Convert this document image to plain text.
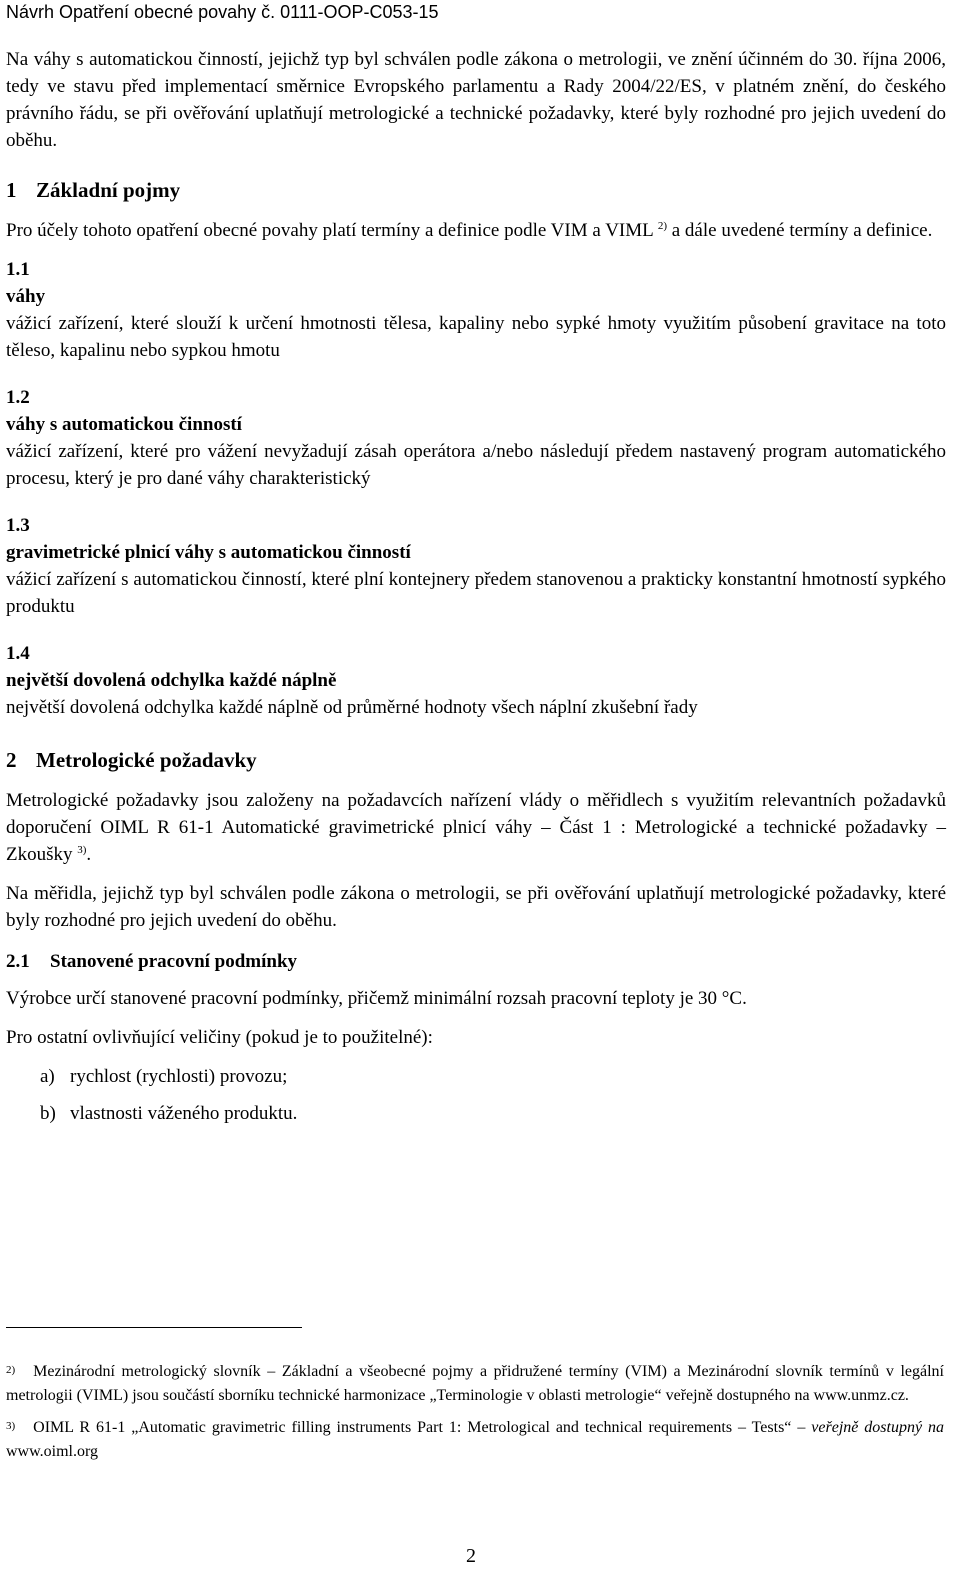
Návrh Opatření obecné povahy č. 0111-OOP-C053-15

Na váhy s automatickou činností, jejichž typ byl schválen podle zákona o metrologii, ve znění účinném do 30. října 2006, tedy ve stavu před implementací směrnice Evropského parlamentu a Rady 2004/22/ES, v platném znění, do českého právního řádu, se při ověřování uplatňují metrologické a technické požadavky, které byly rozhodné pro jejich uvedení do oběhu.

1 Základní pojmy

Pro účely tohoto opatření obecné povahy platí termíny a definice podle VIM a VIML $^{2)}$ a dále uvedené termíny a definice.

1.1
váhy
vážicí zařízení, které slouží k určení hmotnosti tělesa, kapaliny nebo sypké hmoty využitím působení gravitace na toto těleso, kapalinu nebo sypkou hmotu
1.2
váhy s automatickou činností
vážicí zařízení, které pro vážení nevyžadují zásah operátora a/nebo následují předem nastavený program automatického procesu, který je pro dané váhy charakteristický
1.3
gravimetrické plnicí váhy s automatickou činností
vážicí zařízení s automatickou činností, které plní kontejnery předem stanovenou a prakticky konstantní hmotností sypkého produktu
1.4
největší dovolená odchylka každé náplně
největší dovolená odchylka každé náplně od průměrné hodnoty všech náplní zkušební řady
2 Metrologické požadavky

Metrologické požadavky jsou založeny na požadavcích nařízení vlády o měřidlech s využitím relevantních požadavků doporučení OIML R 61-1 Automatické gravimetrické plnicí váhy – Část 1 : Metrologické a technické požadavky – Zkoušky $^{3)}$.

Na měřidla, jejichž typ byl schválen podle zákona o metrologii, se při ověřování uplatňují metrologické požadavky, které byly rozhodné pro jejich uvedení do oběhu.

2.1 Stanovené pracovní podmínky

Výrobce určí stanovené pracovní podmínky, přičemž minimální rozsah pracovní teploty je 30 °C.

Pro ostatní ovlivňující veličiny (pokud je to použitelné):

a) rychlost (rychlosti) provozu;
b) vlastnosti váženého produktu.
$^{2)}$ Mezinárodní metrologický slovník – Základní a všeobecné pojmy a přidružené termíny (VIM) a Mezinárodní slovník termínů v legální metrologii (VIML) jsou součástí sborníku technické harmonizace „Terminologie v oblasti metrologie“ veřejně dostupného na www.unmz.cz.
$^{3)}$ OIML R 61-1 „Automatic gravimetric filling instruments Part 1: Metrological and technical requirements – Tests“ – veřejně dostupný na www.oiml.org
2
